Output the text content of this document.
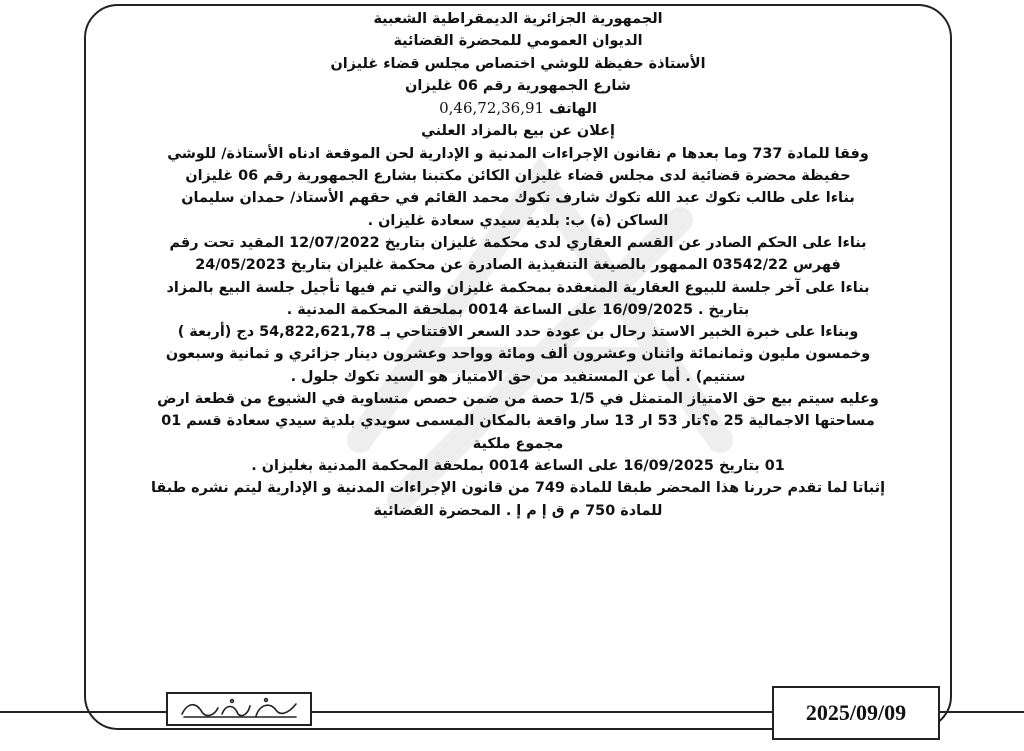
الجمهورية الجزائرية الديمقراطية الشعبية
الديوان العمومي للمحضرة القضائية
الأستاذة حفيظة للوشي اختصاص مجلس قضاء غليزان
شارع الجمهورية رقم 06 غليزان
الهاتف 0,46,72,36,91
إعلان عن بيع بالمزاد العلني
وفقا للمادة 737 وما بعدها م نقانون الإجراءات المدنية و الإدارية لحن الموقعة ادناه الأستاذة/ للوشي
حفيظة محضرة قضائية لدى مجلس قضاء غليزان الكائن مكتبنا بشارع الجمهورية رقم 06 غليزان
بناءا على طالب تكوك عبد الله تكوك شارف تكوك محمد القائم في حقهم الأستاذ/ حمدان سليمان
الساكن (ة) ب: بلدية سيدي سعادة غليزان .
بناءا على الحكم الصادر عن القسم العقاري لدى محكمة غليزان بتاريخ 12/07/2022 المقيد تحت رقم
فهرس 03542/22 الممهور بالصيغة التنفيذية الصادرة عن محكمة غليزان بتاريخ 24/05/2023
بناءا على آخر جلسة للبيوع العقارية المنعقدة بمحكمة غليزان والتي تم فيها تأجيل جلسة البيع بالمزاد
بتاريخ . 16/09/2025 على الساعة 0014 بملحقة المحكمة المدنية .
وبناءا على خبرة الخبير الاستذ رحال بن عودة حدد السعر الافتتاحي بـ 54,822,621,78 دج (أربعة )
وخمسون مليون وثمانمائة واثنان وعشرون ألف ومائة وواحد وعشرون دينار جزائري و ثمانية وسبعون
سنتيم) . أما عن المستفيد من حق الامتياز هو السيد تكوك جلول .
وعليه سيتم بيع حق الامتياز المتمثل في 1/5 حصة من ضمن حصص متساوية في الشيوع من قطعة ارض
مساحتها الاجمالية 25 ه؟تار 53 ار 13 سار واقعة بالمكان المسمى سويدي بلدية سيدي سعادة قسم 01
مجموع ملكية
01 بتاريخ 16/09/2025 على الساعة 0014 بملحقة المحكمة المدنية بغليزان .
إثباتا لما تقدم حررنا هذا المحضر طبقا للمادة 749 من قانون الإجراءات المدنية و الإدارية ليتم نشره طبقا
للمادة 750 م ق إ م إ . المحضرة القضائية
2025/09/09
